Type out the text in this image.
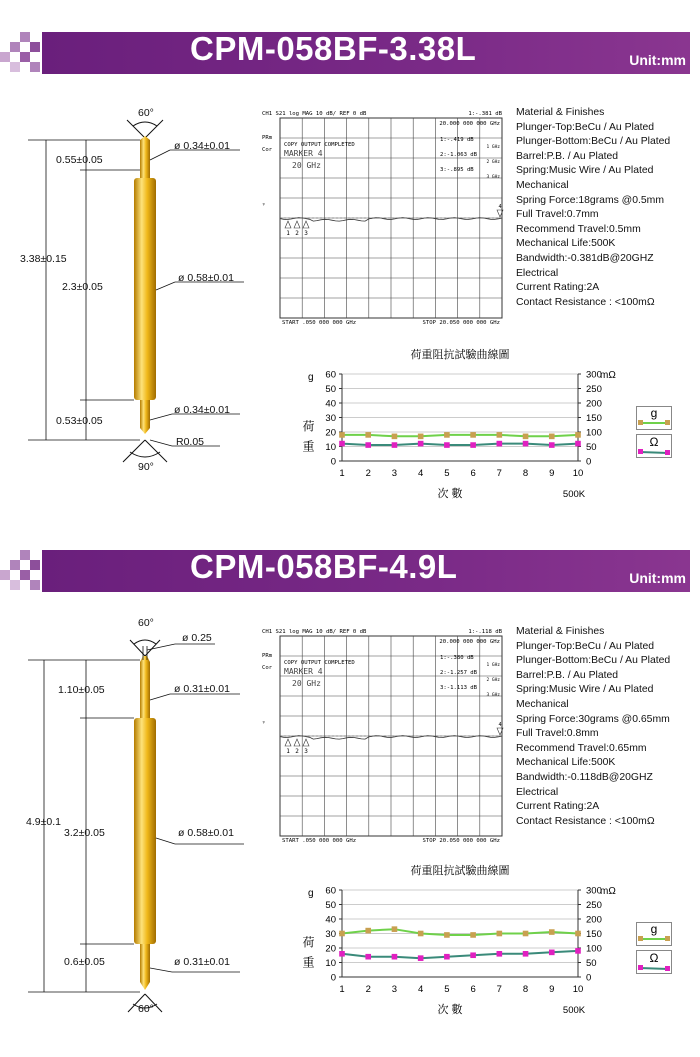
CPM-058BF-3.38L	Unit:mm
60°
90°
0.55±0.05
ø 0.34±0.01
3.38±0.15
2.3±0.05
ø 0.58±0.01
0.53±0.05
ø 0.34±0.01
R0.05
CH1 S21 log MAG 10 dB/ REF 0 dB	1:-.381 dB
20.000 000 000 GHz
PRm
Cor
▿
COPY OUTPUT COMPLETED
MARKER 4
20 GHz
1:-.419 dB
1 GHz
2:-1.063 dB
2 GHz
3:-.895 dB
3 GHz
START .050 000 000 GHz	STOP 20.050 000 000 GHz
1 2 3
4
Material & Finishes
Plunger-Top:BeCu / Au Plated
Plunger-Bottom:BeCu / Au Plated
Barrel:P.B. / Au Plated
Spring:Music Wire / Au Plated
Mechanical
Spring Force:18grams @0.5mm
Full Travel:0.7mm
Recommend Travel:0.5mm
Mechanical Life:500K
Bandwidth:-0.381dB@20GHZ
Electrical
Current Rating:2A
Contact Resistance : <100mΩ
荷重阻抗試驗曲線圖
0
10
20
30
40
50
60
0
50
100
150
200
250
300
g	mΩ
荷重
1 2 3 4 5 6 7 8 9 10
次 數	500K
g
Ω
CPM-058BF-4.9L	Unit:mm
60°
60°
ø 0.25
1.10±0.05	ø 0.31±0.01
4.9±0.1
3.2±0.05	ø 0.58±0.01
0.6±0.05	ø 0.31±0.01
CH1 S21 log MAG 10 dB/ REF 0 dB	1:-.118 dB
20.000 000 000 GHz
PRm
Cor
▿
COPY OUTPUT COMPLETED
MARKER 4
20 GHz
1:-.380 dB
1 GHz
2:-1.257 dB
2 GHz
3:-1.113 dB
3 GHz
START .050 000 000 GHz	STOP 20.050 000 000 GHz
1 2 3
4
Material & Finishes
Plunger-Top:BeCu / Au Plated
Plunger-Bottom:BeCu / Au Plated
Barrel:P.B. / Au Plated
Spring:Music Wire / Au Plated
Mechanical
Spring Force:30grams @0.65mm
Full Travel:0.8mm
Recommend Travel:0.65mm
Mechanical Life:500K
Bandwidth:-0.118dB@20GHZ
Electrical
Current Rating:2A
Contact Resistance : <100mΩ
荷重阻抗試驗曲線圖
0
10
20
30
40
50
60
0
50
100
150
200
250
300
g	mΩ
荷重
1 2 3 4 5 6 7 8 9 10
次 數	500K
g
Ω
